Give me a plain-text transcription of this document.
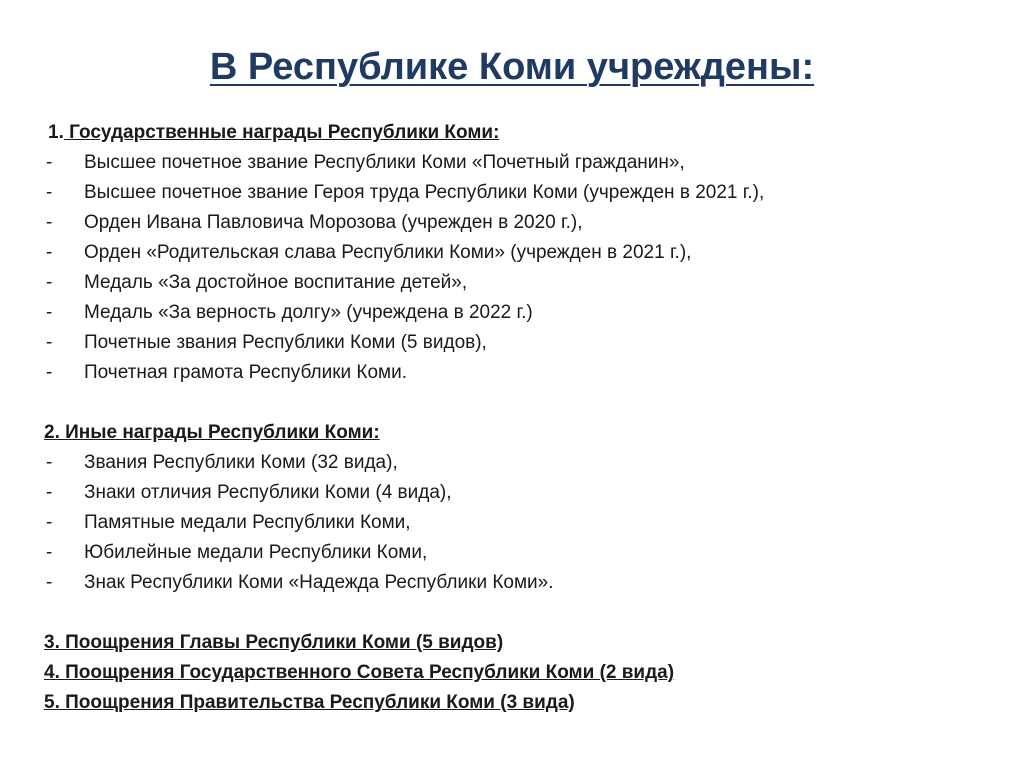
В Республике Коми учреждены:
1. Государственные награды Республики Коми:
-	Высшее почетное звание Республики Коми «Почетный гражданин»,
-	Высшее почетное звание Героя труда Республики Коми (учрежден в 2021 г.),
-	Орден Ивана Павловича Морозова (учрежден в 2020 г.),
-	Орден «Родительская слава Республики Коми» (учрежден в 2021 г.),
-	Медаль «За достойное воспитание детей»,
-	Медаль «За верность долгу» (учреждена в 2022 г.)
-	Почетные звания Республики Коми (5 видов),
-	Почетная грамота Республики Коми.
2. Иные награды Республики Коми:
-	Звания Республики Коми (32 вида),
-	Знаки отличия Республики Коми (4 вида),
-	Памятные медали Республики Коми,
-	Юбилейные медали Республики Коми,
-	Знак Республики Коми «Надежда Республики Коми».
3. Поощрения Главы Республики Коми (5 видов)
4. Поощрения Государственного Совета Республики Коми (2 вида)
5. Поощрения Правительства Республики Коми (3 вида)
